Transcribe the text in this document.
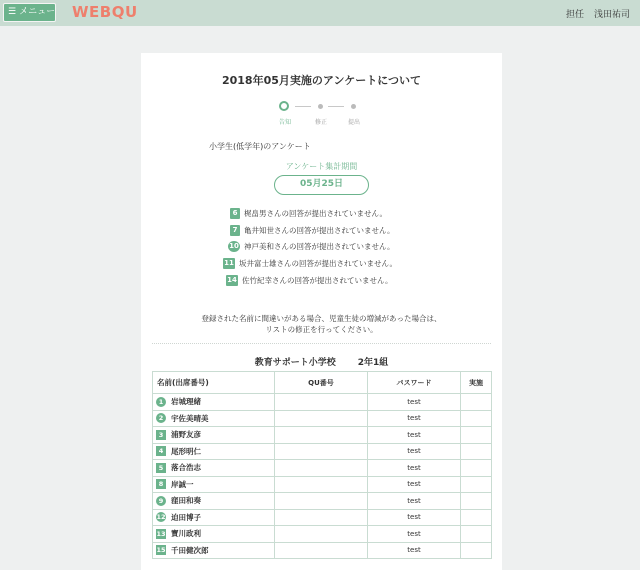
☰ メニュー WEBQU	担任 浅田祐司
2018年05月実施のアンケートについて
告知	修正	提出
小学生(低学年)のアンケート
アンケート集計期間
05月25日
6 梶畠男さんの回答が提出されていません。
7 亀井知世さんの回答が提出されていません。
10 神戸美和さんの回答が提出されていません。
11 坂井富士雄さんの回答が提出されていません。
14 佐竹紀幸さんの回答が提出されていません。
登録された名前に間違いがある場合、児童生徒の増減があった場合は、
リストの修正を行ってください。
教育サポート小学校 2年1組
名前(出席番号)	QU番号	パスワード	実施
1 岩城理緒		test	
2 宇佐美晴美		test	
3 浦野友彦		test	
4 尾形明仁		test	
5 落合浩志		test	
8 岸誠一		test	
9 窪田和奏		test	
12 迫田博子		test	
13 寶川政利		test	
15 千田健次郎		test	
